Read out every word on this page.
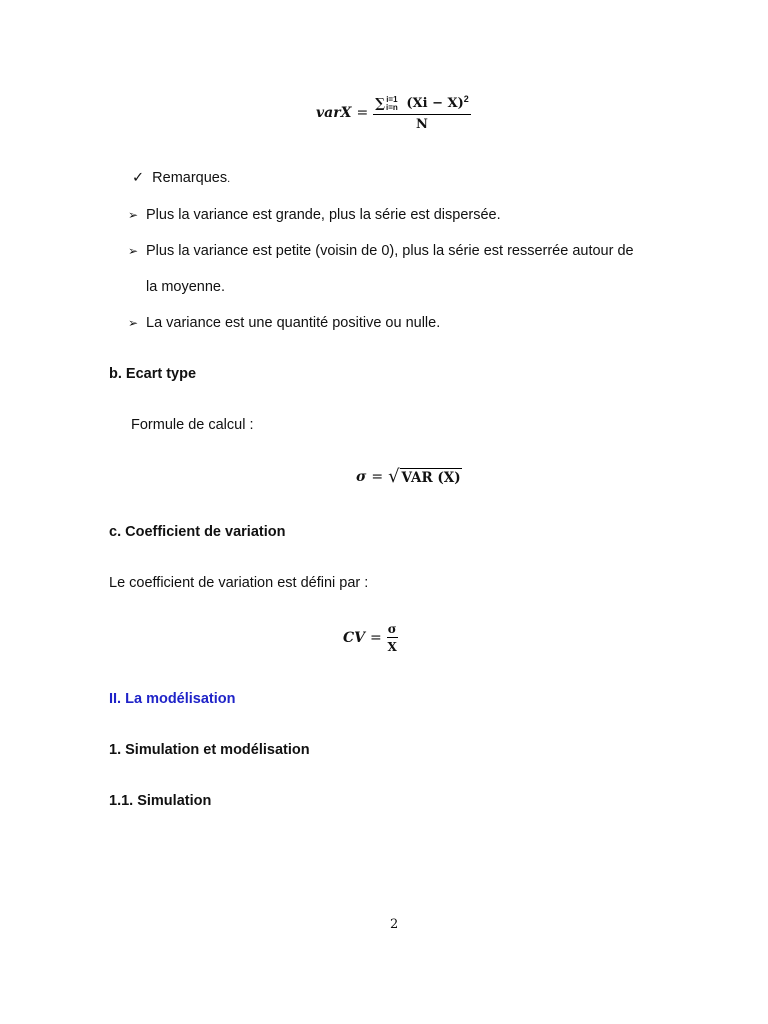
varX = ∑ i=1
i=n $(Xi - X)^2$
N
✓ Remarques.
➢ Plus la variance est grande, plus la série est dispersée.
➢ Plus la variance est petite (voisin de 0), plus la série est resserrée autour de
la moyenne.
➢ La variance est une quantité positive ou nulle.
b. Ecart type
Formule de calcul :
σ = √ VAR (X)
c. Coefficient de variation
Le coefficient de variation est défini par :
CV = $\frac{\sigma}{X}$
II. La modélisation
1. Simulation et modélisation
1.1. Simulation
2
